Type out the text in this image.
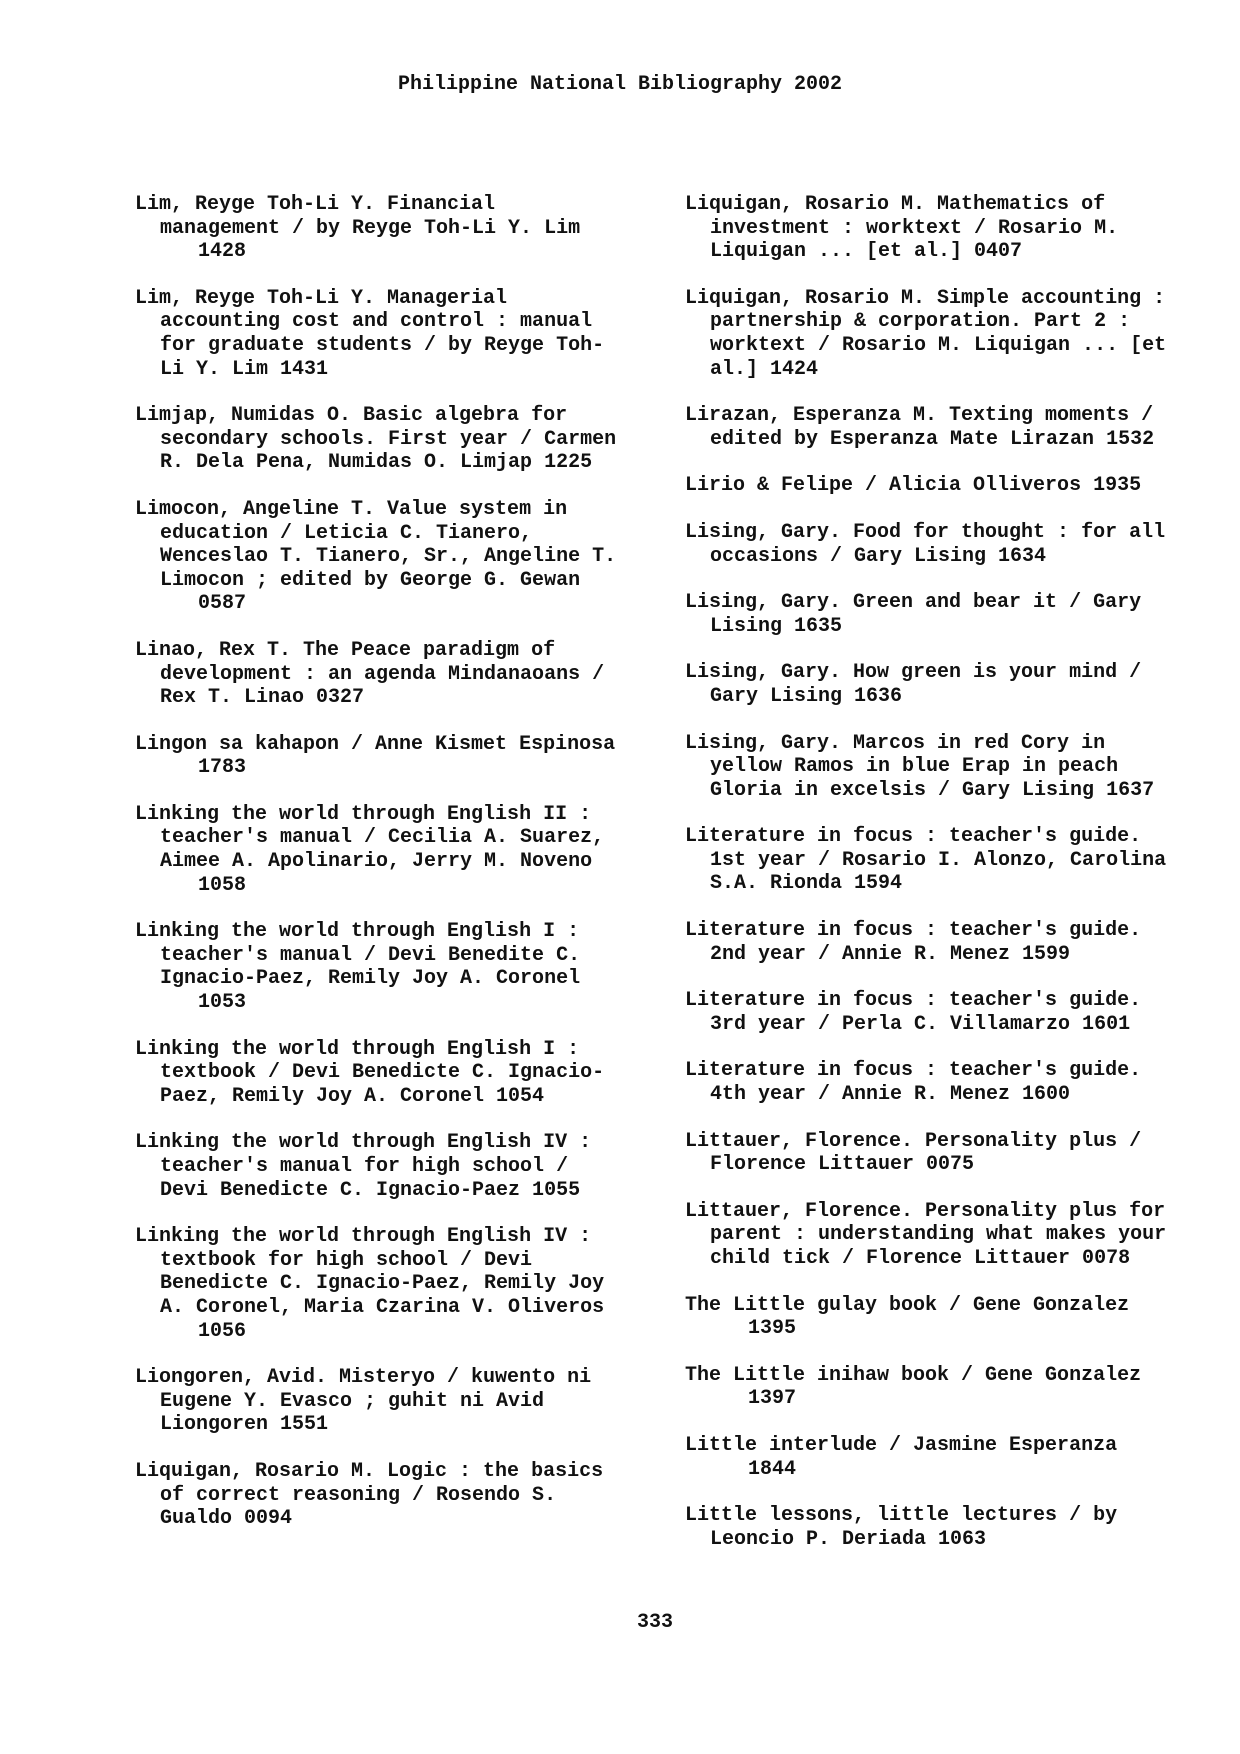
Philippine National Bibliography 2002
Lim, Reyge Toh-Li Y. Financial
management / by Reyge Toh-Li Y. Lim
1428
Lim, Reyge Toh-Li Y. Managerial
accounting cost and control : manual
for graduate students / by Reyge Toh-
Li Y. Lim 1431
Limjap, Numidas O. Basic algebra for
secondary schools. First year / Carmen
R. Dela Pena, Numidas O. Limjap 1225
Limocon, Angeline T. Value system in
education / Leticia C. Tianero,
Wenceslao T. Tianero, Sr., Angeline T.
Limocon ; edited by George G. Gewan
0587
Linao, Rex T. The Peace paradigm of
development : an agenda Mindanaoans /
Rex T. Linao 0327
Lingon sa kahapon / Anne Kismet Espinosa
1783
Linking the world through English II :
teacher's manual / Cecilia A. Suarez,
Aimee A. Apolinario, Jerry M. Noveno
1058
Linking the world through English I :
teacher's manual / Devi Benedite C.
Ignacio-Paez, Remily Joy A. Coronel
1053
Linking the world through English I :
textbook / Devi Benedicte C. Ignacio-
Paez, Remily Joy A. Coronel 1054
Linking the world through English IV :
teacher's manual for high school /
Devi Benedicte C. Ignacio-Paez 1055
Linking the world through English IV :
textbook for high school / Devi
Benedicte C. Ignacio-Paez, Remily Joy
A. Coronel, Maria Czarina V. Oliveros
1056
Liongoren, Avid. Misteryo / kuwento ni
Eugene Y. Evasco ; guhit ni Avid
Liongoren 1551
Liquigan, Rosario M. Logic : the basics
of correct reasoning / Rosendo S.
Gualdo 0094
Liquigan, Rosario M. Mathematics of
investment : worktext / Rosario M.
Liquigan ... [et al.] 0407
Liquigan, Rosario M. Simple accounting :
partnership & corporation. Part 2 :
worktext / Rosario M. Liquigan ... [et
al.] 1424
Lirazan, Esperanza M. Texting moments /
edited by Esperanza Mate Lirazan 1532
Lirio & Felipe / Alicia Olliveros 1935
Lising, Gary. Food for thought : for all
occasions / Gary Lising 1634
Lising, Gary. Green and bear it / Gary
Lising 1635
Lising, Gary. How green is your mind /
Gary Lising 1636
Lising, Gary. Marcos in red Cory in
yellow Ramos in blue Erap in peach
Gloria in excelsis / Gary Lising 1637
Literature in focus : teacher's guide.
1st year / Rosario I. Alonzo, Carolina
S.A. Rionda 1594
Literature in focus : teacher's guide.
2nd year / Annie R. Menez 1599
Literature in focus : teacher's guide.
3rd year / Perla C. Villamarzo 1601
Literature in focus : teacher's guide.
4th year / Annie R. Menez 1600
Littauer, Florence. Personality plus /
Florence Littauer 0075
Littauer, Florence. Personality plus for
parent : understanding what makes your
child tick / Florence Littauer 0078
The Little gulay book / Gene Gonzalez
1395
The Little inihaw book / Gene Gonzalez
1397
Little interlude / Jasmine Esperanza
1844
Little lessons, little lectures / by
Leoncio P. Deriada 1063
333
